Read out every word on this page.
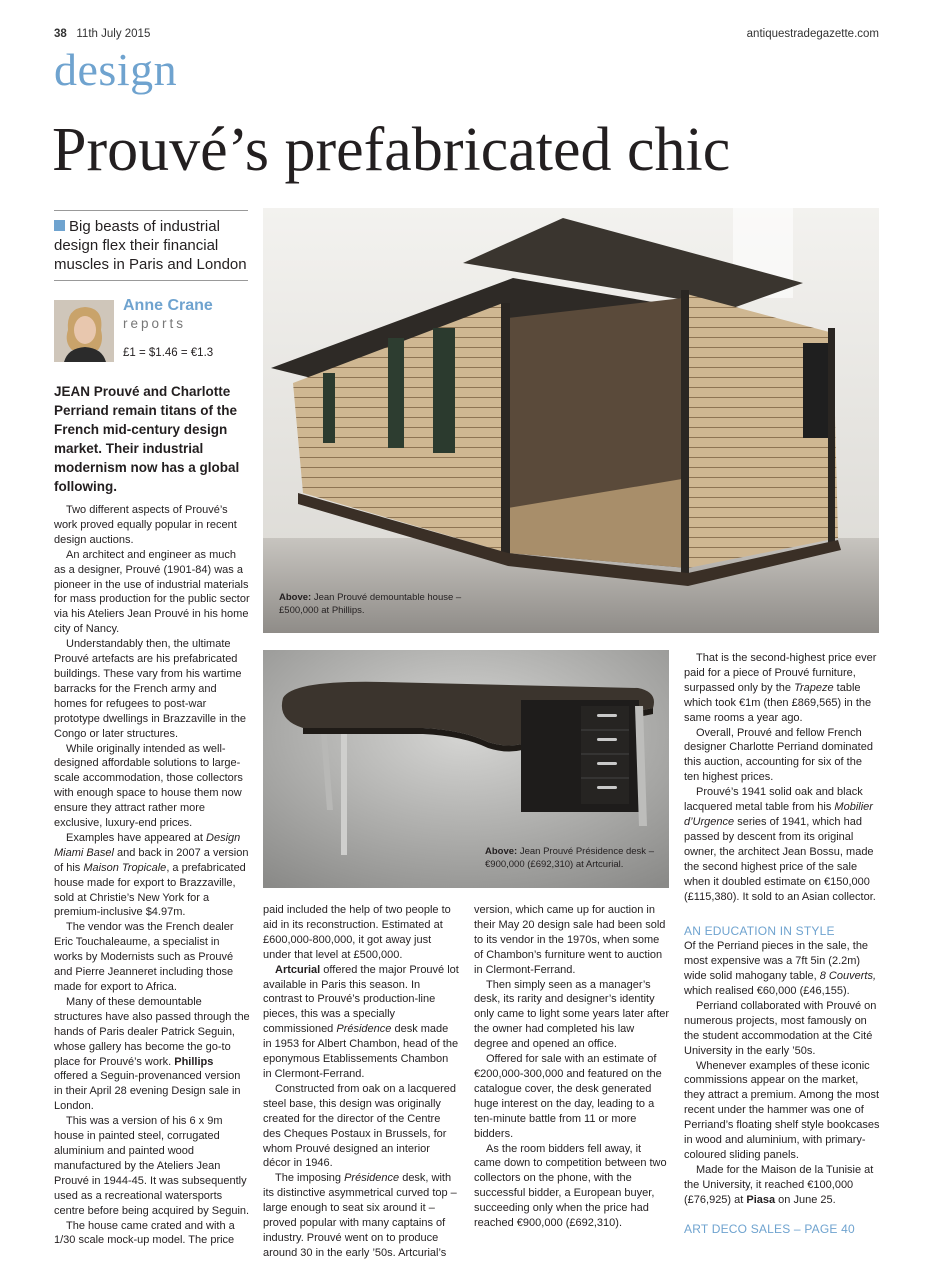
38 11th July 2015	antiquestradegazette.com
design
Prouvé’s prefabricated chic
Big beasts of industrial design flex their financial muscles in Paris and London
Anne Crane
reports
£1 = $1.46 = €1.3
JEAN Prouvé and Charlotte Perriand remain titans of the French mid-century design market. Their industrial modernism now has a global following.

Two different aspects of Prouvé’s work proved equally popular in recent design auctions.

An architect and engineer as much as a designer, Prouvé (1901-84) was a pioneer in the use of industrial materials for mass production for the public sector via his Ateliers Jean Prouvé in his home city of Nancy.

Understandably then, the ultimate Prouvé artefacts are his prefabricated buildings. These vary from his wartime barracks for the French army and homes for refugees to post-war prototype dwellings in Brazzaville in the Congo or later structures.

While originally intended as well-designed affordable solutions to large-scale accommodation, those collectors with enough space to house them now ensure they attract rather more exclusive, luxury-end prices.

Examples have appeared at Design Miami Basel and back in 2007 a version of his Maison Tropicale, a prefabricated house made for export to Brazzaville, sold at Christie’s New York for a premium-inclusive $4.97m.

The vendor was the French dealer Eric Touchaleaume, a specialist in works by Modernists such as Prouvé and Pierre Jeanneret including those made for export to Africa.

Many of these demountable structures have also passed through the hands of Paris dealer Patrick Seguin, whose gallery has become the go-to place for Prouvé’s work. Phillips offered a Seguin-provenanced version in their April 28 evening Design sale in London.

This was a version of his 6 x 9m house in painted steel, corrugated aluminium and painted wood manufactured by the Ateliers Jean Prouvé in 1944-45. It was subsequently used as a recreational watersports centre before being acquired by Seguin.

The house came crated and with a 1/30 scale mock-up model. The price

Above: Jean Prouvé demountable house – £500,000 at Phillips.
Above: Jean Prouvé Présidence desk – €900,000 (£692,310) at Artcurial.

paid included the help of two people to aid in its reconstruction. Estimated at £600,000-800,000, it got away just under that level at £500,000.

Artcurial offered the major Prouvé lot available in Paris this season. In contrast to Prouvé’s production-line pieces, this was a specially commissioned Présidence desk made in 1953 for Albert Chambon, head of the eponymous Etablissements Chambon in Clermont-Ferrand.

Constructed from oak on a lacquered steel base, this design was originally created for the director of the Centre des Cheques Postaux in Brussels, for whom Prouvé designed an interior décor in 1946.

The imposing Présidence desk, with its distinctive asymmetrical curved top – large enough to seat six around it – proved popular with many captains of industry. Prouvé went on to produce around 30 in the early ’50s. Artcurial’s

version, which came up for auction in their May 20 design sale had been sold to its vendor in the 1970s, when some of Chambon’s furniture went to auction in Clermont-Ferrand.

Then simply seen as a manager’s desk, its rarity and designer’s identity only came to light some years later after the owner had completed his law degree and opened an office.

Offered for sale with an estimate of €200,000-300,000 and featured on the catalogue cover, the desk generated huge interest on the day, leading to a ten-minute battle from 11 or more bidders.

As the room bidders fell away, it came down to competition between two collectors on the phone, with the successful bidder, a European buyer, succeeding only when the price had reached €900,000 (£692,310).

That is the second-highest price ever paid for a piece of Prouvé furniture, surpassed only by the Trapeze table which took €1m (then £869,565) in the same rooms a year ago.

Overall, Prouvé and fellow French designer Charlotte Perriand dominated this auction, accounting for six of the ten highest prices.

Prouvé’s 1941 solid oak and black lacquered metal table from his Mobilier d’Urgence series of 1941, which had passed by descent from its original owner, the architect Jean Bossu, made the second highest price of the sale when it doubled estimate on €150,000 (£115,380). It sold to an Asian collector.

AN EDUCATION IN STYLE

Of the Perriand pieces in the sale, the most expensive was a 7ft 5in (2.2m) wide solid mahogany table, 8 Couverts, which realised €60,000 (£46,155).

Perriand collaborated with Prouvé on numerous projects, most famously on the student accommodation at the Cité University in the early ’50s.

Whenever examples of these iconic commissions appear on the market, they attract a premium. Among the most recent under the hammer was one of Perriand’s floating shelf style bookcases in wood and aluminium, with primary-coloured sliding panels.

Made for the Maison de la Tunisie at the University, it reached €100,000 (£76,925) at Piasa on June 25.

ART DECO SALES – PAGE 40
